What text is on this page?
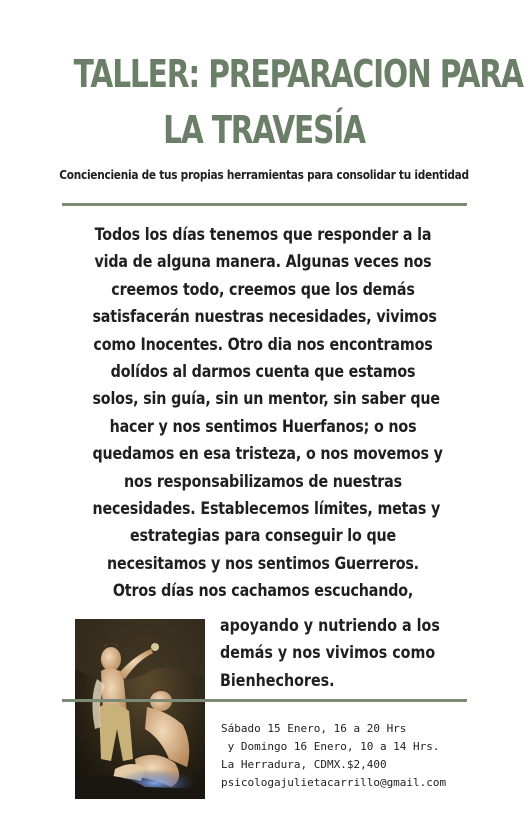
TALLER: PREPARACION PARA
LA TRAVESÍA
Conciencienia de tus propias herramientas para consolidar tu identidad
Todos los días tenemos que responder a la
vida de alguna manera. Algunas veces nos
creemos todo, creemos que los demás
satisfacerán nuestras necesidades, vivimos
como Inocentes. Otro dia nos encontramos
dolídos al darmos cuenta que estamos
solos, sin guía, sin un mentor, sin saber que
hacer y nos sentimos Huerfanos; o nos
quedamos en esa tristeza, o nos movemos y
nos responsabilizamos de nuestras
necesidades. Establecemos límites, metas y
estrategias para conseguir lo que
necesitamos y nos sentimos Guerreros.
Otros días nos cachamos escuchando,
apoyando y nutriendo a los
demás y nos vivimos como
Bienhechores.
Sábado 15 Enero, 16 a 20 Hrs
y Domingo 16 Enero, 10 a 14 Hrs.
La Herradura, CDMX.$2,400
psicologajulietacarrillo@gmail.com
